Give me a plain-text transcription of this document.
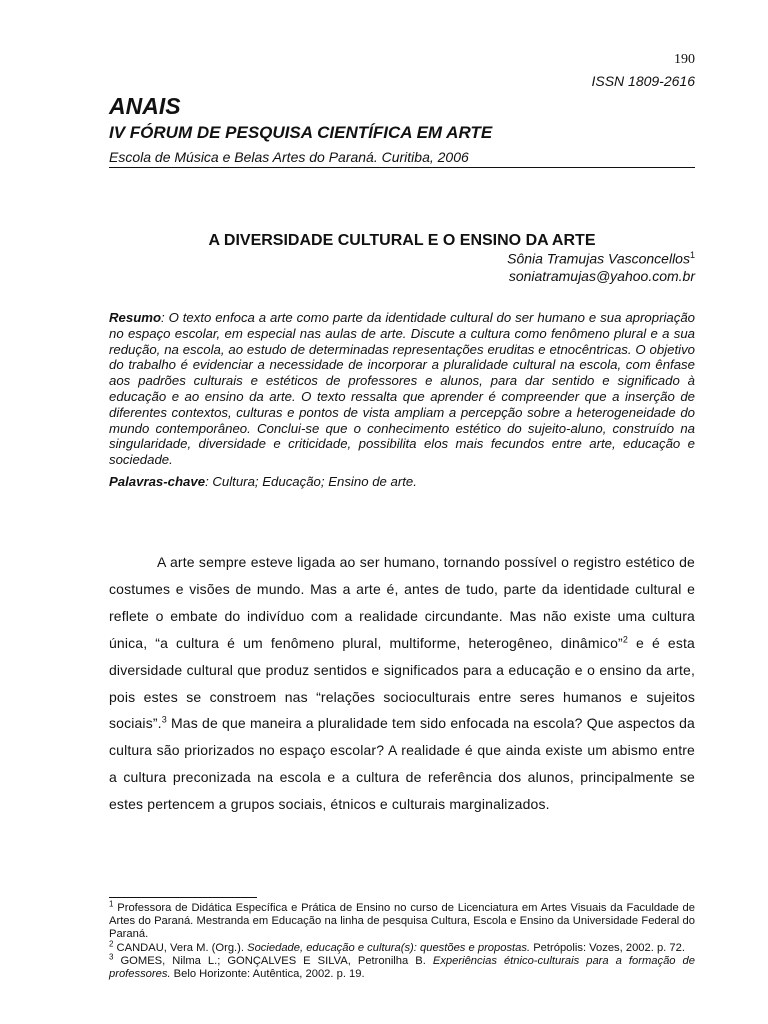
190
ISSN 1809-2616
ANAIS
IV FÓRUM DE PESQUISA CIENTÍFICA EM ARTE
Escola de Música e Belas Artes do Paraná. Curitiba, 2006
A DIVERSIDADE CULTURAL E O ENSINO DA ARTE
Sônia Tramujas Vasconcellos$^1$
soniatramujas@yahoo.com.br
Resumo: O texto enfoca a arte como parte da identidade cultural do ser humano e sua apropriação no espaço escolar, em especial nas aulas de arte. Discute a cultura como fenômeno plural e a sua redução, na escola, ao estudo de determinadas representações eruditas e etnocêntricas. O objetivo do trabalho é evidenciar a necessidade de incorporar a pluralidade cultural na escola, com ênfase aos padrões culturais e estéticos de professores e alunos, para dar sentido e significado à educação e ao ensino da arte. O texto ressalta que aprender é compreender que a inserção de diferentes contextos, culturas e pontos de vista ampliam a percepção sobre a heterogeneidade do mundo contemporâneo. Conclui-se que o conhecimento estético do sujeito-aluno, construído na singularidade, diversidade e criticidade, possibilita elos mais fecundos entre arte, educação e sociedade.
Palavras-chave: Cultura; Educação; Ensino de arte.
A arte sempre esteve ligada ao ser humano, tornando possível o registro estético de costumes e visões de mundo. Mas a arte é, antes de tudo, parte da identidade cultural e reflete o embate do indivíduo com a realidade circundante. Mas não existe uma cultura única, “a cultura é um fenômeno plural, multiforme, heterogêneo, dinâmico”$^2$ e é esta diversidade cultural que produz sentidos e significados para a educação e o ensino da arte, pois estes se constroem nas “relações socioculturais entre seres humanos e sujeitos sociais”.$^3$ Mas de que maneira a pluralidade tem sido enfocada na escola? Que aspectos da cultura são priorizados no espaço escolar? A realidade é que ainda existe um abismo entre a cultura preconizada na escola e a cultura de referência dos alunos, principalmente se estes pertencem a grupos sociais, étnicos e culturais marginalizados.

$^1$ Professora de Didática Específica e Prática de Ensino no curso de Licenciatura em Artes Visuais da Faculdade de Artes do Paraná. Mestranda em Educação na linha de pesquisa Cultura, Escola e Ensino da Universidade Federal do Paraná.

$^2$ CANDAU, Vera M. (Org.). Sociedade, educação e cultura(s): questões e propostas. Petrópolis: Vozes, 2002. p. 72.

$^3$ GOMES, Nilma L.; GONÇALVES E SILVA, Petronilha B. Experiências étnico-culturais para a formação de professores. Belo Horizonte: Autêntica, 2002. p. 19.
